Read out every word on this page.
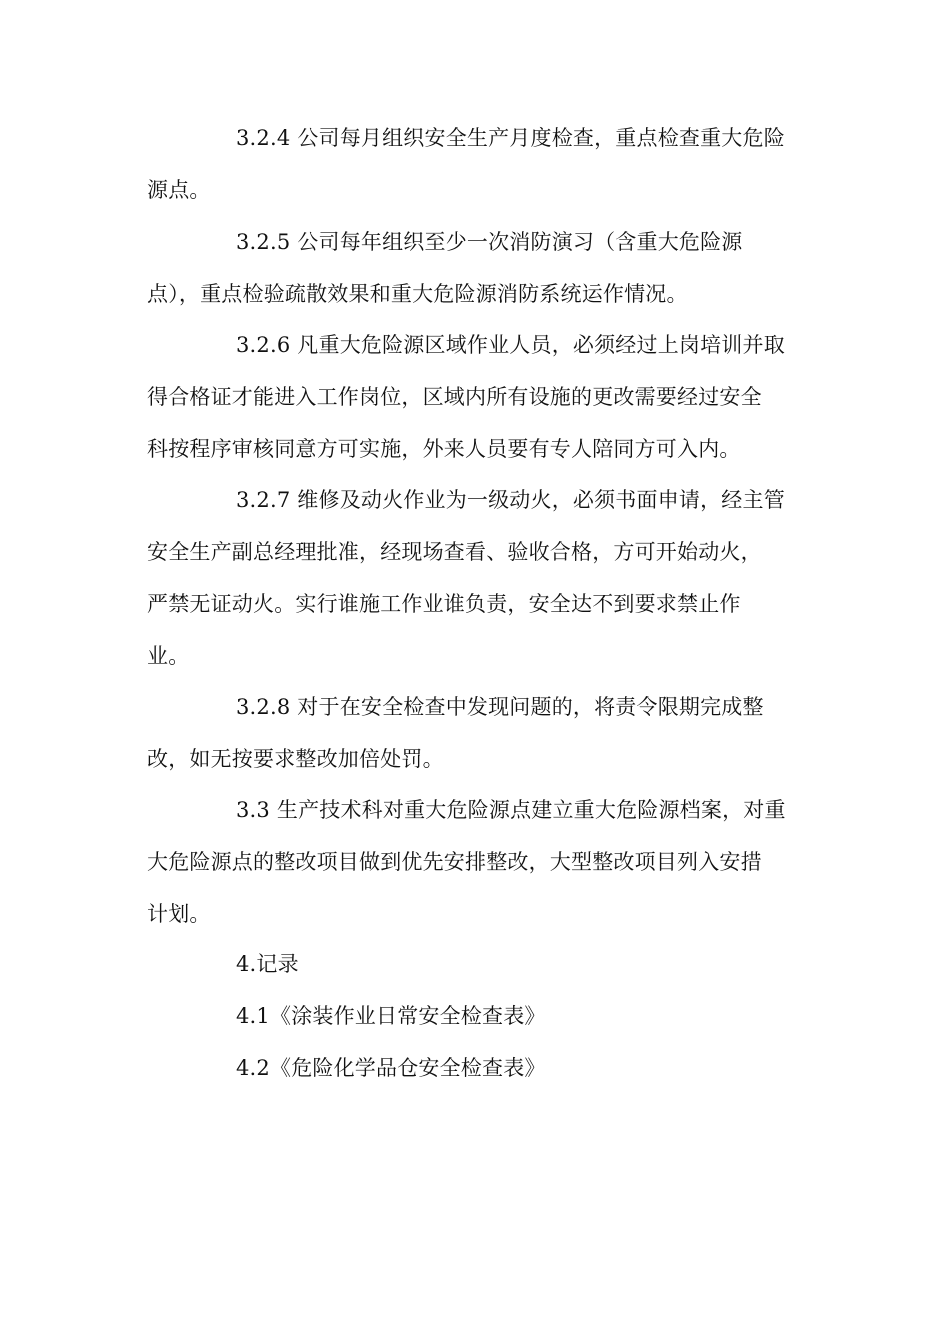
3.2.4 公司每月组织安全生产月度检查，重点检查重大危险
源点。

3.2.5 公司每年组织至少一次消防演习（含重大危险源
点），重点检验疏散效果和重大危险源消防系统运作情况。

3.2.6 凡重大危险源区域作业人员，必须经过上岗培训并取
得合格证才能进入工作岗位，区域内所有设施的更改需要经过安全
科按程序审核同意方可实施，外来人员要有专人陪同方可入内。

3.2.7 维修及动火作业为一级动火，必须书面申请，经主管
安全生产副总经理批准，经现场查看、验收合格，方可开始动火，
严禁无证动火。实行谁施工作业谁负责，安全达不到要求禁止作
业。

3.2.8 对于在安全检查中发现问题的，将责令限期完成整
改，如无按要求整改加倍处罚。

3.3 生产技术科对重大危险源点建立重大危险源档案，对重
大危险源点的整改项目做到优先安排整改，大型整改项目列入安措
计划。

4.记录

4.1《涂装作业日常安全检查表》

4.2《危险化学品仓安全检查表》
